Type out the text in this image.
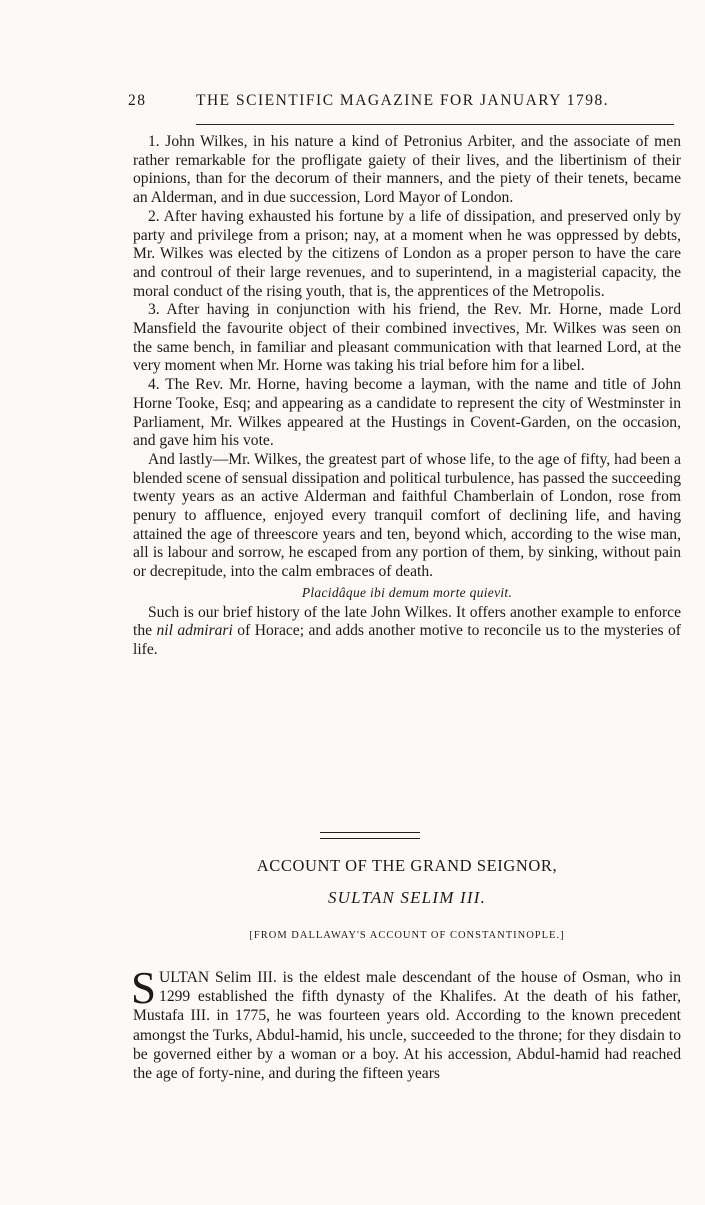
28	THE SCIENTIFIC MAGAZINE FOR JANUARY 1798.

1. John Wilkes, in his nature a kind of Petronius Arbiter, and the associate of men rather remarkable for the profligate gaiety of their lives, and the libertinism of their opinions, than for the decorum of their manners, and the piety of their tenets, became an Alderman, and in due succession, Lord Mayor of London.

2. After having exhausted his fortune by a life of dissipation, and preserved only by party and privilege from a prison; nay, at a moment when he was oppressed by debts, Mr. Wilkes was elected by the citizens of London as a proper person to have the care and controul of their large revenues, and to superintend, in a magisterial capacity, the moral conduct of the rising youth, that is, the apprentices of the Metropolis.

3. After having in conjunction with his friend, the Rev. Mr. Horne, made Lord Mansfield the favourite object of their combined invectives, Mr. Wilkes was seen on the same bench, in familiar and pleasant communication with that learned Lord, at the very moment when Mr. Horne was taking his trial before him for a libel.

4. The Rev. Mr. Horne, having become a layman, with the name and title of John Horne Tooke, Esq; and appearing as a candidate to represent the city of Westminster in Parliament, Mr. Wilkes appeared at the Hustings in Covent-Garden, on the occasion, and gave him his vote.

And lastly—Mr. Wilkes, the greatest part of whose life, to the age of fifty, had been a blended scene of sensual dissipation and political turbulence, has passed the succeeding twenty years as an active Alderman and faithful Chamberlain of London, rose from penury to affluence, enjoyed every tranquil comfort of declining life, and having attained the age of threescore years and ten, beyond which, according to the wise man, all is labour and sorrow, he escaped from any portion of them, by sinking, without pain or decrepitude, into the calm embraces of death.

Placidâque ibi demum morte quievit.

Such is our brief history of the late John Wilkes. It offers another example to enforce the nil admirari of Horace; and adds another motive to reconcile us to the mysteries of life.

ACCOUNT OF THE GRAND SEIGNOR,
SULTAN SELIM III.
[FROM DALLAWAY'S ACCOUNT OF CONSTANTINOPLE.]
S ULTAN Selim III. is the eldest male descendant of the house of Osman, who in 1299 established the fifth dynasty of the Khalifes. At the death of his father, Mustafa III. in 1775, he was fourteen years old. According to the known precedent amongst the Turks, Abdul-hamid, his uncle, succeeded to the throne; for they disdain to be governed either by a woman or a boy. At his accession, Abdul-hamid had reached the age of forty-nine, and during the fifteen years
